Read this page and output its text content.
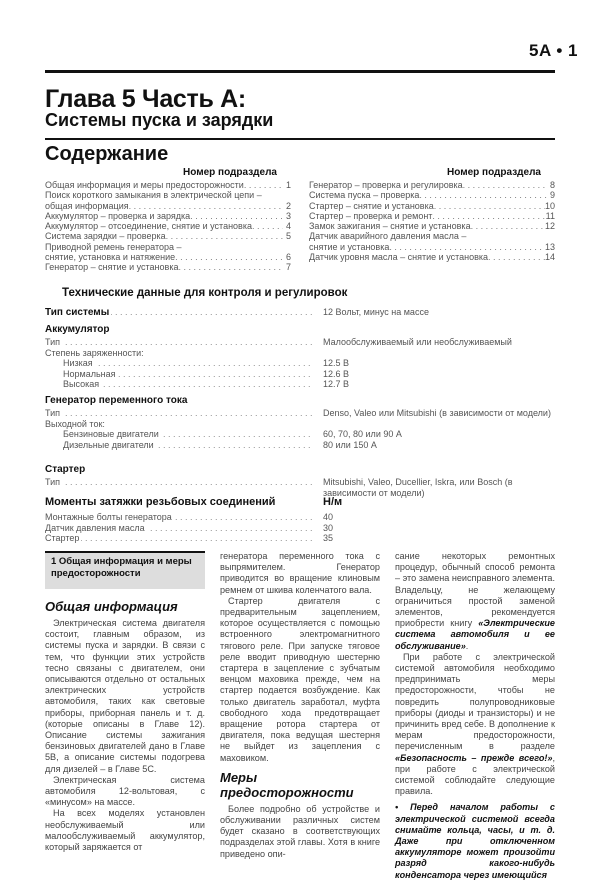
5A • 1
Глава 5 Часть А:
Системы пуска и зарядки
Содержание
Номер подраздела	Номер подраздела
Общая информация и меры предосторожности . . .	1
Поиск короткого замыкания в электрической цепи –
общая информация . . .	2
Аккумулятор – проверка и зарядка . . .	3
Аккумулятор – отсоединение, снятие и установка . . .	4
Система зарядки – проверка . . .	5
Приводной ремень генератора –
снятие, установка и натяжение . . .	6
Генератор – снятие и установка . . .	7
Генератор – проверка и регулировка . . .	8
Система пуска – проверка . . .	9
Стартер – снятие и установка . . .	10
Стартер – проверка и ремонт . . .	11
Замок зажигания – снятие и установка . . .	12
Датчик аварийного давления масла –
снятие и установка . . .	13
Датчик уровня масла – снятие и установка . . .	14
Технические данные для контроля и регулировок
. . .
Тип системы	12 Вольт, минус на массе
Аккумулятор
. . .
Тип	Малообслуживаемый или необслуживаемый
Степень заряженности:
. . .
Низкая	12.5 В
. . .
Нормальная	12.6 В
. . .
Высокая	12.7 В
Генератор переменного тока
. . .
Тип	Denso, Valeo или Mitsubishi (в зависимости от модели)
Выходной ток:
. . .
Бензиновые двигатели	60, 70, 80 или 90 А
. . .
Дизельные двигатели	80 или 150 А
Стартер
. . .
Тип	Mitsubishi, Valeo, Ducellier, Iskra, или Bosch (в зависимости от модели)
Моменты затяжки резьбовых соединений	Н/м
. . .
Монтажные болты генератора	40
. . .
Датчик давления масла	30
. . .
Стартер	35
1 Общая информация и меры предосторожности
Общая информация

Электрическая система двигателя состоит, главным образом, из системы пуска и зарядки. В связи с тем, что функции этих устройств тесно связаны с двигателем, они описываются отдельно от остальных электрических устройств автомобиля, таких как световые приборы, приборная панель и т. д. (которые описаны в Главе 12). Описание системы зажигания бензиновых двигателей дано в Главе 5В, а описание системы подогрева для дизелей – в Главе 5С.

Электрическая система автомобиля 12-вольтовая, с «минусом» на массе.

На всех моделях установлен необслуживаемый или малообслуживаемый аккумулятор, который заряжается от

генератора переменного тока с выпрямителем. Генератор приводится во вращение клиновым ремнем от шкива коленчатого вала.

Стартер двигателя с предварительным зацеплением, которое осуществляется с помощью встроенного электромагнитного тягового реле. При запуске тяговое реле вводит приводную шестерню стартера в зацепление с зубчатым венцом маховика прежде, чем на стартер подается возбуждение. Как только двигатель заработал, муфта свободного хода предотвращает вращение ротора стартера от двигателя, пока ведущая шестерня не выйдет из зацепления с маховиком.

Меры предосторожности

Более подробно об устройстве и обслуживании различных систем будет сказано в соответствующих подразделах этой главы. Хотя в книге приведено опи-

сание некоторых ремонтных процедур, обычный способ ремонта – это замена неисправного элемента. Владельцу, не желающему ограничиться простой заменой элементов, рекомендуется приобрести книгу «Электрические система автомобиля и ее обслуживание».

При работе с электрической системой автомобиля необходимо предпринимать меры предосторожности, чтобы не повредить полупроводниковые приборы (диоды и транзисторы) и не причинить вред себе. В дополнение к мерам предосторожности, перечисленным в разделе «Безопасность – прежде всего!», при работе с электрической системой соблюдайте следующие правила.

• Перед началом работы с электрической системой всегда снимайте кольца, часы, и т. д. Даже при отключенном аккумуляторе может произойти разряд какого-нибудь конденсатора через имеющийся
